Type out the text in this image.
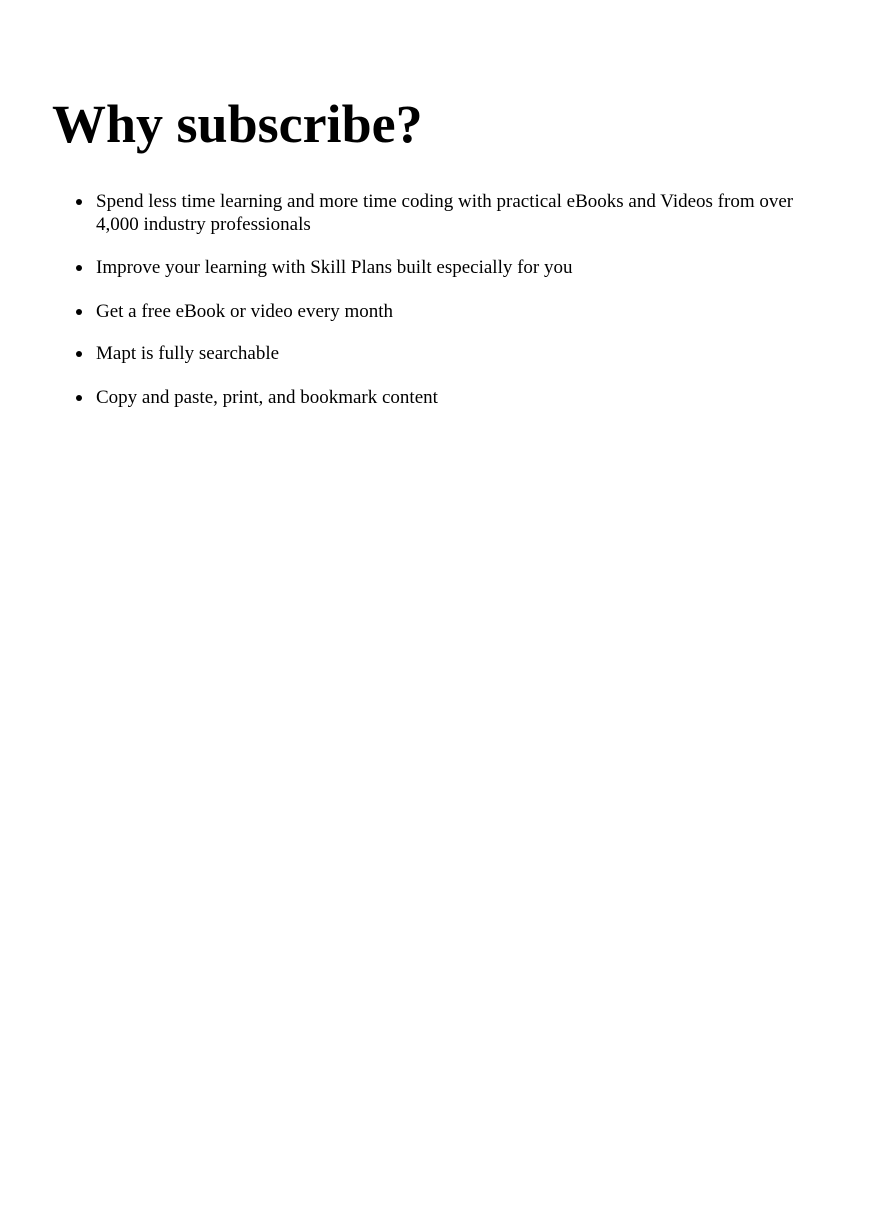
Why subscribe?
Spend less time learning and more time coding with practical eBooks and Videos from over 4,000 industry professionals
Improve your learning with Skill Plans built especially for you
Get a free eBook or video every month
Mapt is fully searchable
Copy and paste, print, and bookmark content
